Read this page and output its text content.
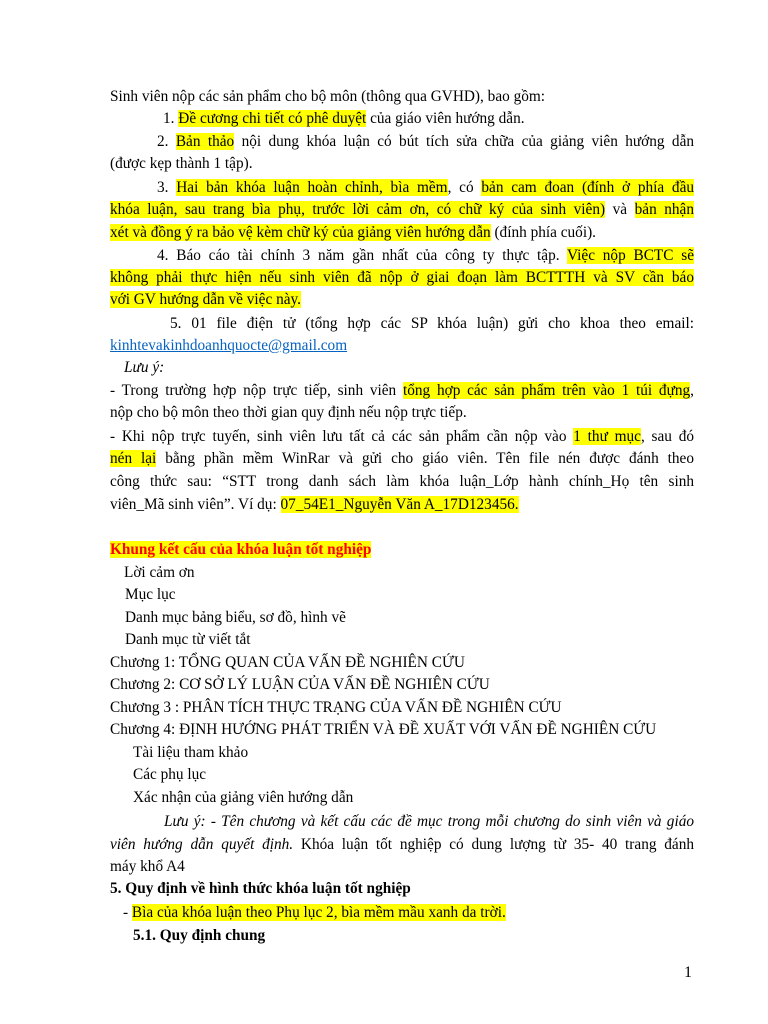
1
Sinh viên nộp các sản phẩm cho bộ môn (thông qua GVHD), bao gồm:
1. Đề cương chi tiết có phê duyệt của giáo viên hướng dẫn.
2. Bản thảo nội dung khóa luận có bút tích sửa chữa của giảng viên hướng dẫn
(được kẹp thành 1 tập).
3. Hai bản khóa luận hoàn chỉnh, bìa mềm, có bản cam đoan (đính ở phía đầu
khóa luận, sau trang bìa phụ, trước lời cảm ơn, có chữ ký của sinh viên) và bản nhận
xét và đồng ý ra bảo vệ kèm chữ ký của giảng viên hướng dẫn (đính phía cuối).
4. Báo cáo tài chính 3 năm gần nhất của công ty thực tập. Việc nộp BCTC sẽ
không phải thực hiện nếu sinh viên đã nộp ở giai đoạn làm BCTTTH và SV cần báo
với GV hướng dẫn về việc này.
5. 01 file điện tử (tổng hợp các SP khóa luận) gửi cho khoa theo email:
kinhtevakinhdoanhquocte@gmail.com
Lưu ý:
- Trong trường hợp nộp trực tiếp, sinh viên tổng hợp các sản phẩm trên vào 1 túi đựng,
nộp cho bộ môn theo thời gian quy định nếu nộp trực tiếp.
- Khi nộp trực tuyến, sinh viên lưu tất cả các sản phẩm cần nộp vào 1 thư mục, sau đó
nén lại bằng phần mềm WinRar và gửi cho giáo viên. Tên file nén được đánh theo
công thức sau: “STT trong danh sách làm khóa luận_Lớp hành chính_Họ tên sinh
viên_Mã sinh viên”. Ví dụ: 07_54E1_Nguyễn Văn A_17D123456.
Khung kết cấu của khóa luận tốt nghiệp
Lời cảm ơn
Mục lục
Danh mục bảng biểu, sơ đồ, hình vẽ
Danh mục từ viết tắt
Chương 1: TỔNG QUAN CỦA VẤN ĐỀ NGHIÊN CỨU
Chương 2: CƠ SỞ LÝ LUẬN CỦA VẤN ĐỀ NGHIÊN CỨU
Chương 3 : PHÂN TÍCH THỰC TRẠNG CỦA VẤN ĐỀ NGHIÊN CỨU
Chương 4: ĐỊNH HƯỚNG PHÁT TRIỂN VÀ ĐỀ XUẤT VỚI VẤN ĐỀ NGHIÊN CỨU
Tài liệu tham khảo
Các phụ lục
Xác nhận của giảng viên hướng dẫn
Lưu ý: - Tên chương và kết cấu các đề mục trong mỗi chương do sinh viên và giáo
viên hướng dẫn quyết định. Khóa luận tốt nghiệp có dung lượng từ 35- 40 trang đánh
máy khổ A4
5. Quy định về hình thức khóa luận tốt nghiệp
- Bìa của khóa luận theo Phụ lục 2, bìa mềm mầu xanh da trời.
5.1. Quy định chung
